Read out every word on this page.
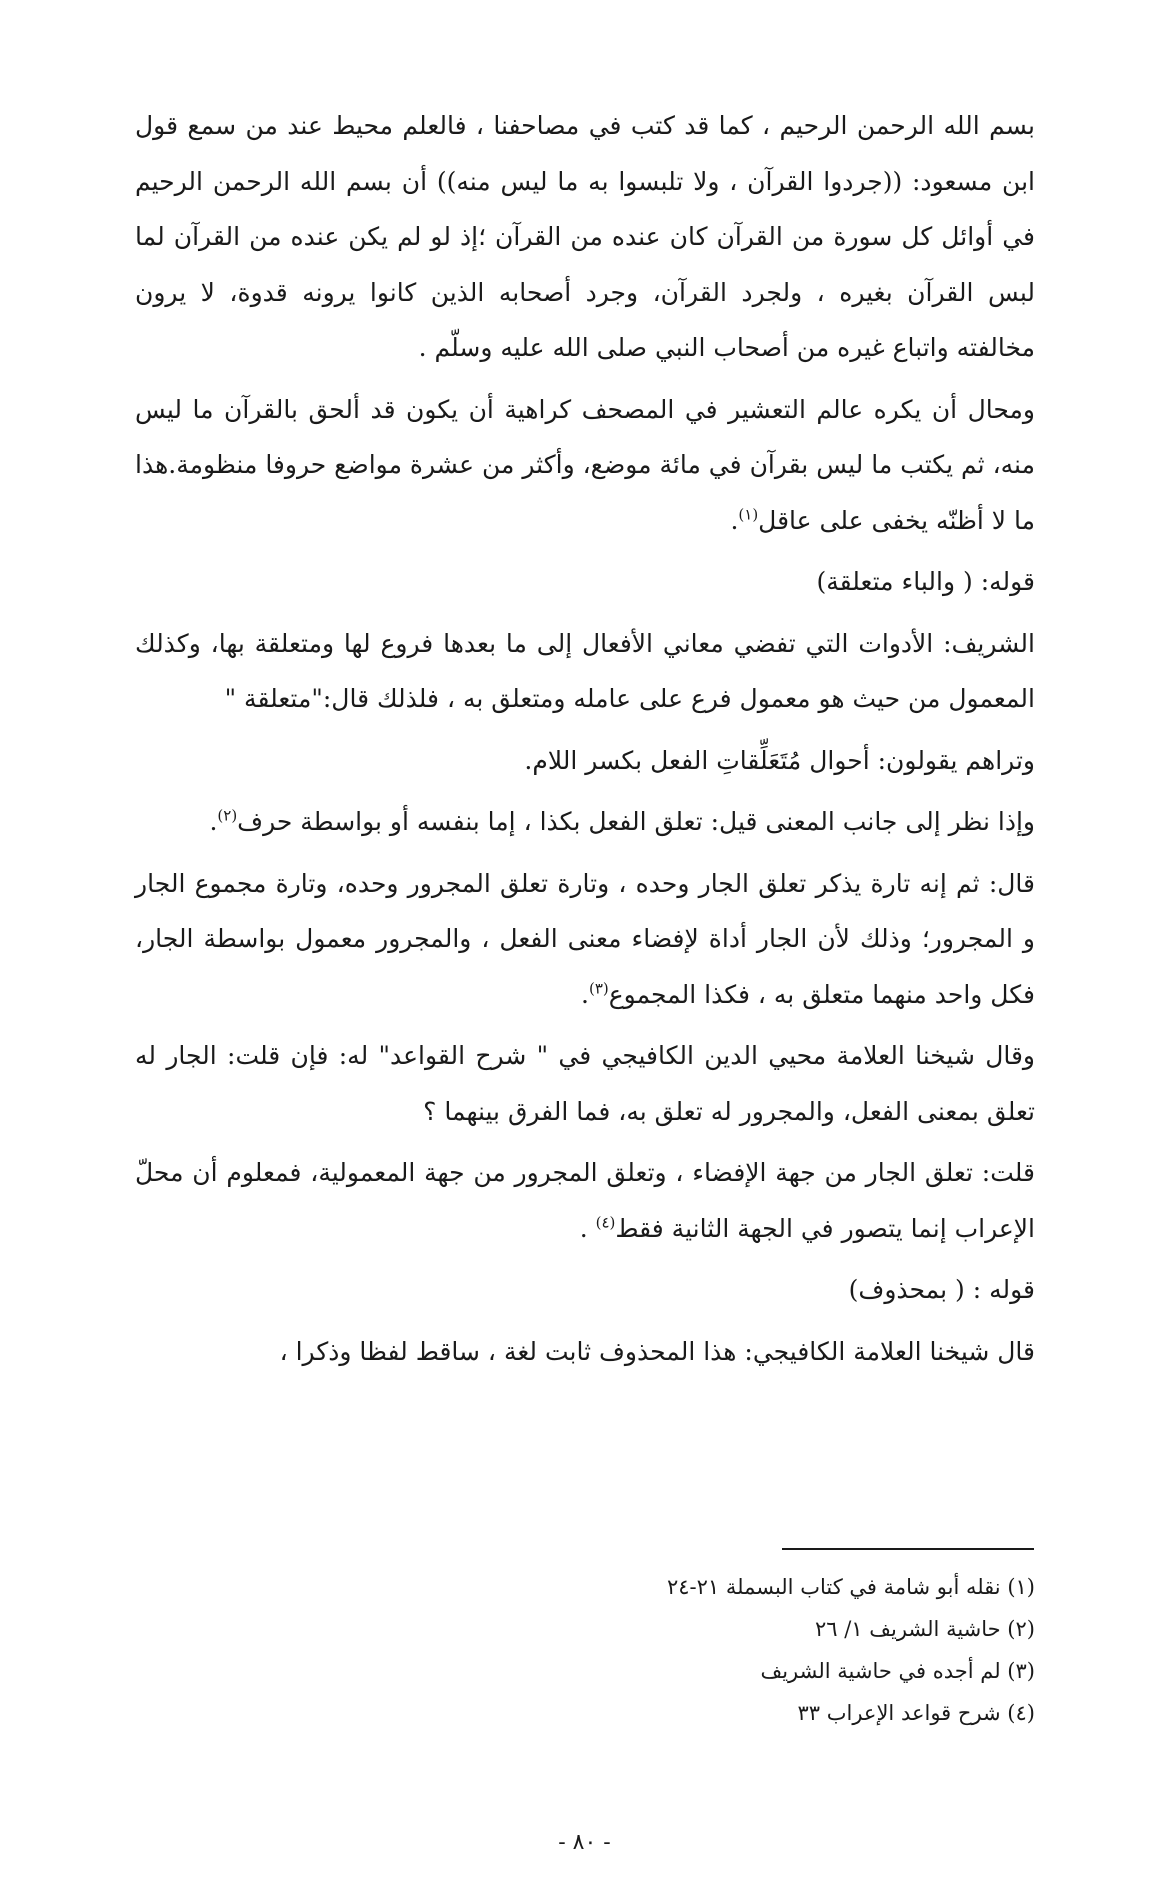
بسم الله الرحمن الرحيم ، كما قد كتب في مصاحفنا ، فالعلم محيط عند من سمع قول ابن مسعود: ((جردوا القرآن ، ولا تلبسوا به ما ليس منه)) أن بسم الله الرحمن الرحيم في أوائل كل سورة من القرآن كان عنده من القرآن ؛إذ لو لم يكن عنده من القرآن لما لبس القرآن بغيره ، ولجرد القرآن، وجرد أصحابه الذين كانوا يرونه قدوة، لا يرون مخالفته واتباع غيره من أصحاب النبي صلى الله عليه وسلّم .

ومحال أن يكره عالم التعشير في المصحف كراهية أن يكون قد ألحق بالقرآن ما ليس منه، ثم يكتب ما ليس بقرآن في مائة موضع، وأكثر من عشرة مواضع حروفا منظومة.هذا ما لا أظنّه يخفى على عاقل$^{(١)}$.

قوله: ( والباء متعلقة)

الشريف: الأدوات التي تفضي معاني الأفعال إلى ما بعدها فروع لها ومتعلقة بها، وكذلك المعمول من حيث هو معمول فرع على عامله ومتعلق به ، فلذلك قال:"متعلقة "

وتراهم يقولون: أحوال مُتَعَلِّقاتِ الفعل بكسر اللام.

وإذا نظر إلى جانب المعنى قيل: تعلق الفعل بكذا ، إما بنفسه أو بواسطة حرف$^{(٢)}$.

قال: ثم إنه تارة يذكر تعلق الجار وحده ، وتارة تعلق المجرور وحده، وتارة مجموع الجار و المجرور؛ وذلك لأن الجار أداة لإفضاء معنى الفعل ، والمجرور معمول بواسطة الجار، فكل واحد منهما متعلق به ، فكذا المجموع$^{(٣)}$.

وقال شيخنا العلامة محيي الدين الكافيجي في " شرح القواعد" له: فإن قلت: الجار له تعلق بمعنى الفعل، والمجرور له تعلق به، فما الفرق بينهما ؟

قلت: تعلق الجار من جهة الإفضاء ، وتعلق المجرور من جهة المعمولية، فمعلوم أن محلّ الإعراب إنما يتصور في الجهة الثانية فقط$^{(٤)}$ .

قوله : ( بمحذوف)

قال شيخنا العلامة الكافيجي: هذا المحذوف ثابت لغة ، ساقط لفظا وذكرا ،

(١) نقله أبو شامة في كتاب البسملة ٢١-٢٤

(٢) حاشية الشريف ١/ ٢٦

(٣) لم أجده في حاشية الشريف

(٤) شرح قواعد الإعراب ٣٣

- ٨٠ -
